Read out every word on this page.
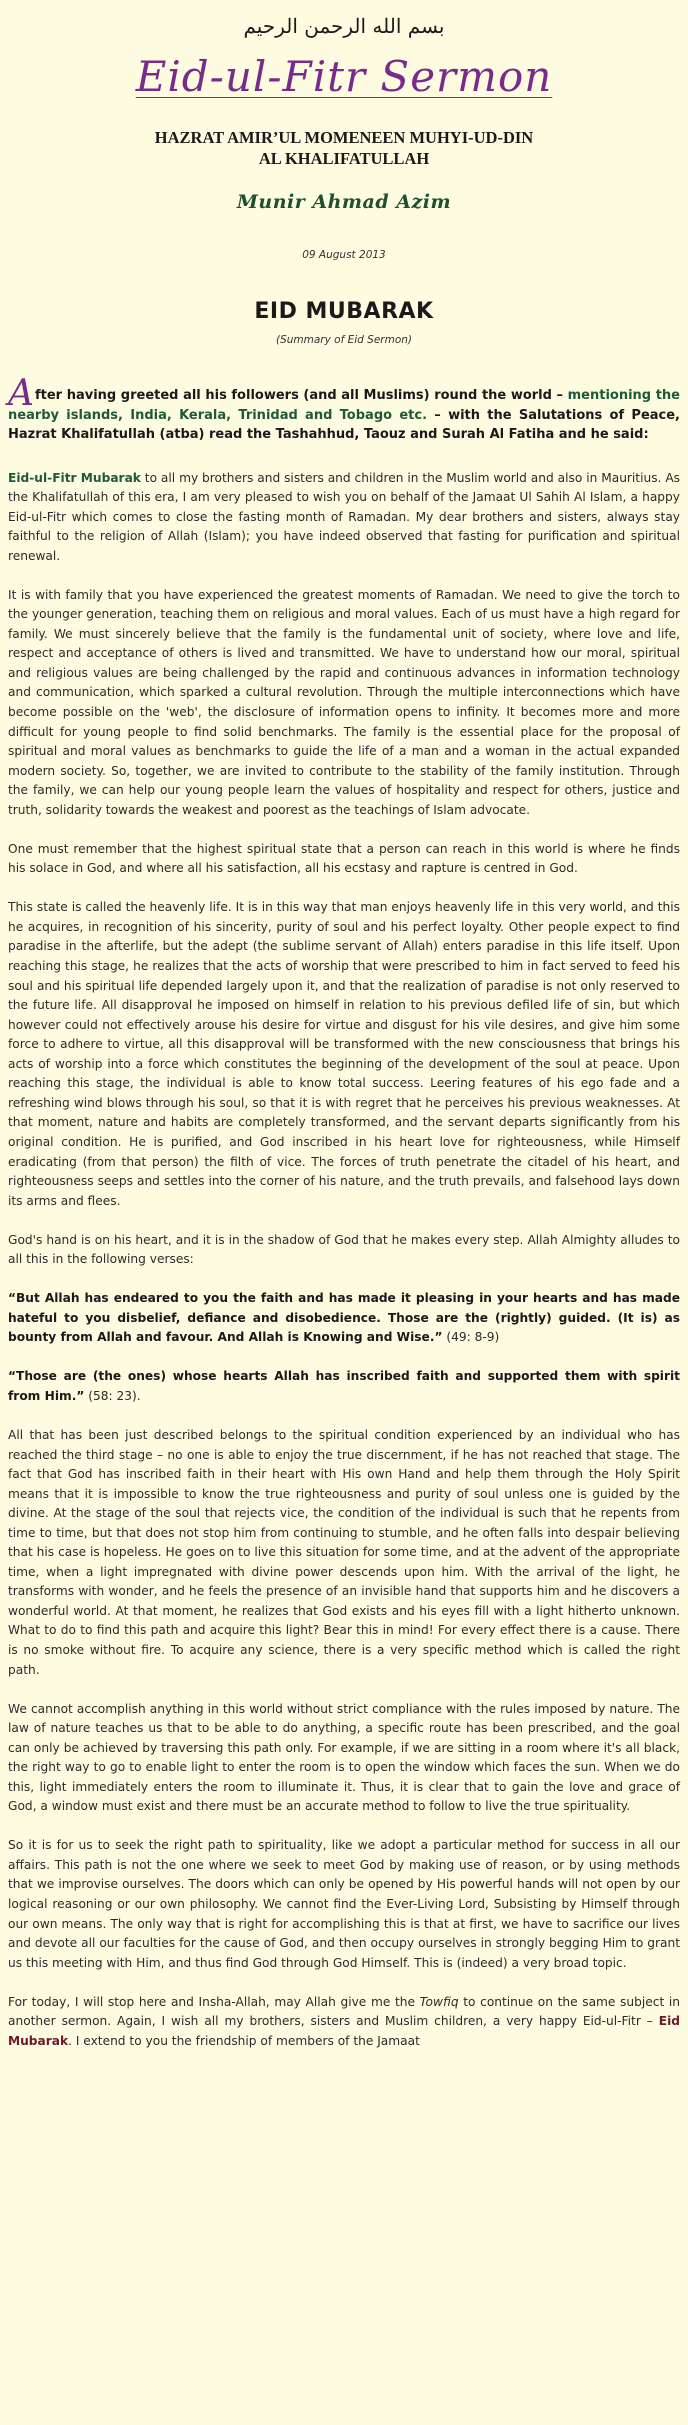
بسم الله الرحمن الرحيم
Eid-ul-Fitr Sermon
HAZRAT AMIR’UL MOMENEEN MUHYI-UD-DIN
AL KHALIFATULLAH
Munir Ahmad Azim
09 August 2013
EID MUBARAK
(Summary of Eid Sermon)
After having greeted all his followers (and all Muslims) round the world – mentioning the nearby islands, India, Kerala, Trinidad and Tobago etc. – with the Salutations of Peace, Hazrat Khalifatullah (atba) read the Tashahhud, Taouz and Surah Al Fatiha and he said:

Eid-ul-Fitr Mubarak to all my brothers and sisters and children in the Muslim world and also in Mauritius. As the Khalifatullah of this era, I am very pleased to wish you on behalf of the Jamaat Ul Sahih Al Islam, a happy Eid-ul-Fitr which comes to close the fasting month of Ramadan. My dear brothers and sisters, always stay faithful to the religion of Allah (Islam); you have indeed observed that fasting for purification and spiritual renewal.

It is with family that you have experienced the greatest moments of Ramadan. We need to give the torch to the younger generation, teaching them on religious and moral values. Each of us must have a high regard for family. We must sincerely believe that the family is the fundamental unit of society, where love and life, respect and acceptance of others is lived and transmitted. We have to understand how our moral, spiritual and religious values are being challenged by the rapid and continuous advances in information technology and communication, which sparked a cultural revolution. Through the multiple interconnections which have become possible on the 'web', the disclosure of information opens to infinity. It becomes more and more difficult for young people to find solid benchmarks. The family is the essential place for the proposal of spiritual and moral values as benchmarks to guide the life of a man and a woman in the actual expanded modern society. So, together, we are invited to contribute to the stability of the family institution. Through the family, we can help our young people learn the values of hospitality and respect for others, justice and truth, solidarity towards the weakest and poorest as the teachings of Islam advocate.

One must remember that the highest spiritual state that a person can reach in this world is where he finds his solace in God, and where all his satisfaction, all his ecstasy and rapture is centred in God.

This state is called the heavenly life. It is in this way that man enjoys heavenly life in this very world, and this he acquires, in recognition of his sincerity, purity of soul and his perfect loyalty. Other people expect to find paradise in the afterlife, but the adept (the sublime servant of Allah) enters paradise in this life itself. Upon reaching this stage, he realizes that the acts of worship that were prescribed to him in fact served to feed his soul and his spiritual life depended largely upon it, and that the realization of paradise is not only reserved to the future life. All disapproval he imposed on himself in relation to his previous defiled life of sin, but which however could not effectively arouse his desire for virtue and disgust for his vile desires, and give him some force to adhere to virtue, all this disapproval will be transformed with the new consciousness that brings his acts of worship into a force which constitutes the beginning of the development of the soul at peace. Upon reaching this stage, the individual is able to know total success. Leering features of his ego fade and a refreshing wind blows through his soul, so that it is with regret that he perceives his previous weaknesses. At that moment, nature and habits are completely transformed, and the servant departs significantly from his original condition. He is purified, and God inscribed in his heart love for righteousness, while Himself eradicating (from that person) the filth of vice. The forces of truth penetrate the citadel of his heart, and righteousness seeps and settles into the corner of his nature, and the truth prevails, and falsehood lays down its arms and flees.

God's hand is on his heart, and it is in the shadow of God that he makes every step. Allah Almighty alludes to all this in the following verses:

“But Allah has endeared to you the faith and has made it pleasing in your hearts and has made hateful to you disbelief, defiance and disobedience. Those are the (rightly) guided. (It is) as bounty from Allah and favour. And Allah is Knowing and Wise.” (49: 8-9)

“Those are (the ones) whose hearts Allah has inscribed faith and supported them with spirit from Him.” (58: 23).

All that has been just described belongs to the spiritual condition experienced by an individual who has reached the third stage – no one is able to enjoy the true discernment, if he has not reached that stage. The fact that God has inscribed faith in their heart with His own Hand and help them through the Holy Spirit means that it is impossible to know the true righteousness and purity of soul unless one is guided by the divine. At the stage of the soul that rejects vice, the condition of the individual is such that he repents from time to time, but that does not stop him from continuing to stumble, and he often falls into despair believing that his case is hopeless. He goes on to live this situation for some time, and at the advent of the appropriate time, when a light impregnated with divine power descends upon him. With the arrival of the light, he transforms with wonder, and he feels the presence of an invisible hand that supports him and he discovers a wonderful world. At that moment, he realizes that God exists and his eyes fill with a light hitherto unknown. What to do to find this path and acquire this light? Bear this in mind! For every effect there is a cause. There is no smoke without fire. To acquire any science, there is a very specific method which is called the right path.

We cannot accomplish anything in this world without strict compliance with the rules imposed by nature. The law of nature teaches us that to be able to do anything, a specific route has been prescribed, and the goal can only be achieved by traversing this path only. For example, if we are sitting in a room where it's all black, the right way to go to enable light to enter the room is to open the window which faces the sun. When we do this, light immediately enters the room to illuminate it. Thus, it is clear that to gain the love and grace of God, a window must exist and there must be an accurate method to follow to live the true spirituality.

So it is for us to seek the right path to spirituality, like we adopt a particular method for success in all our affairs. This path is not the one where we seek to meet God by making use of reason, or by using methods that we improvise ourselves. The doors which can only be opened by His powerful hands will not open by our logical reasoning or our own philosophy. We cannot find the Ever-Living Lord, Subsisting by Himself through our own means. The only way that is right for accomplishing this is that at first, we have to sacrifice our lives and devote all our faculties for the cause of God, and then occupy ourselves in strongly begging Him to grant us this meeting with Him, and thus find God through God Himself. This is (indeed) a very broad topic.

For today, I will stop here and Insha-Allah, may Allah give me the Towfiq to continue on the same subject in another sermon. Again, I wish all my brothers, sisters and Muslim children, a very happy Eid-ul-Fitr – Eid Mubarak. I extend to you the friendship of members of the Jamaat
